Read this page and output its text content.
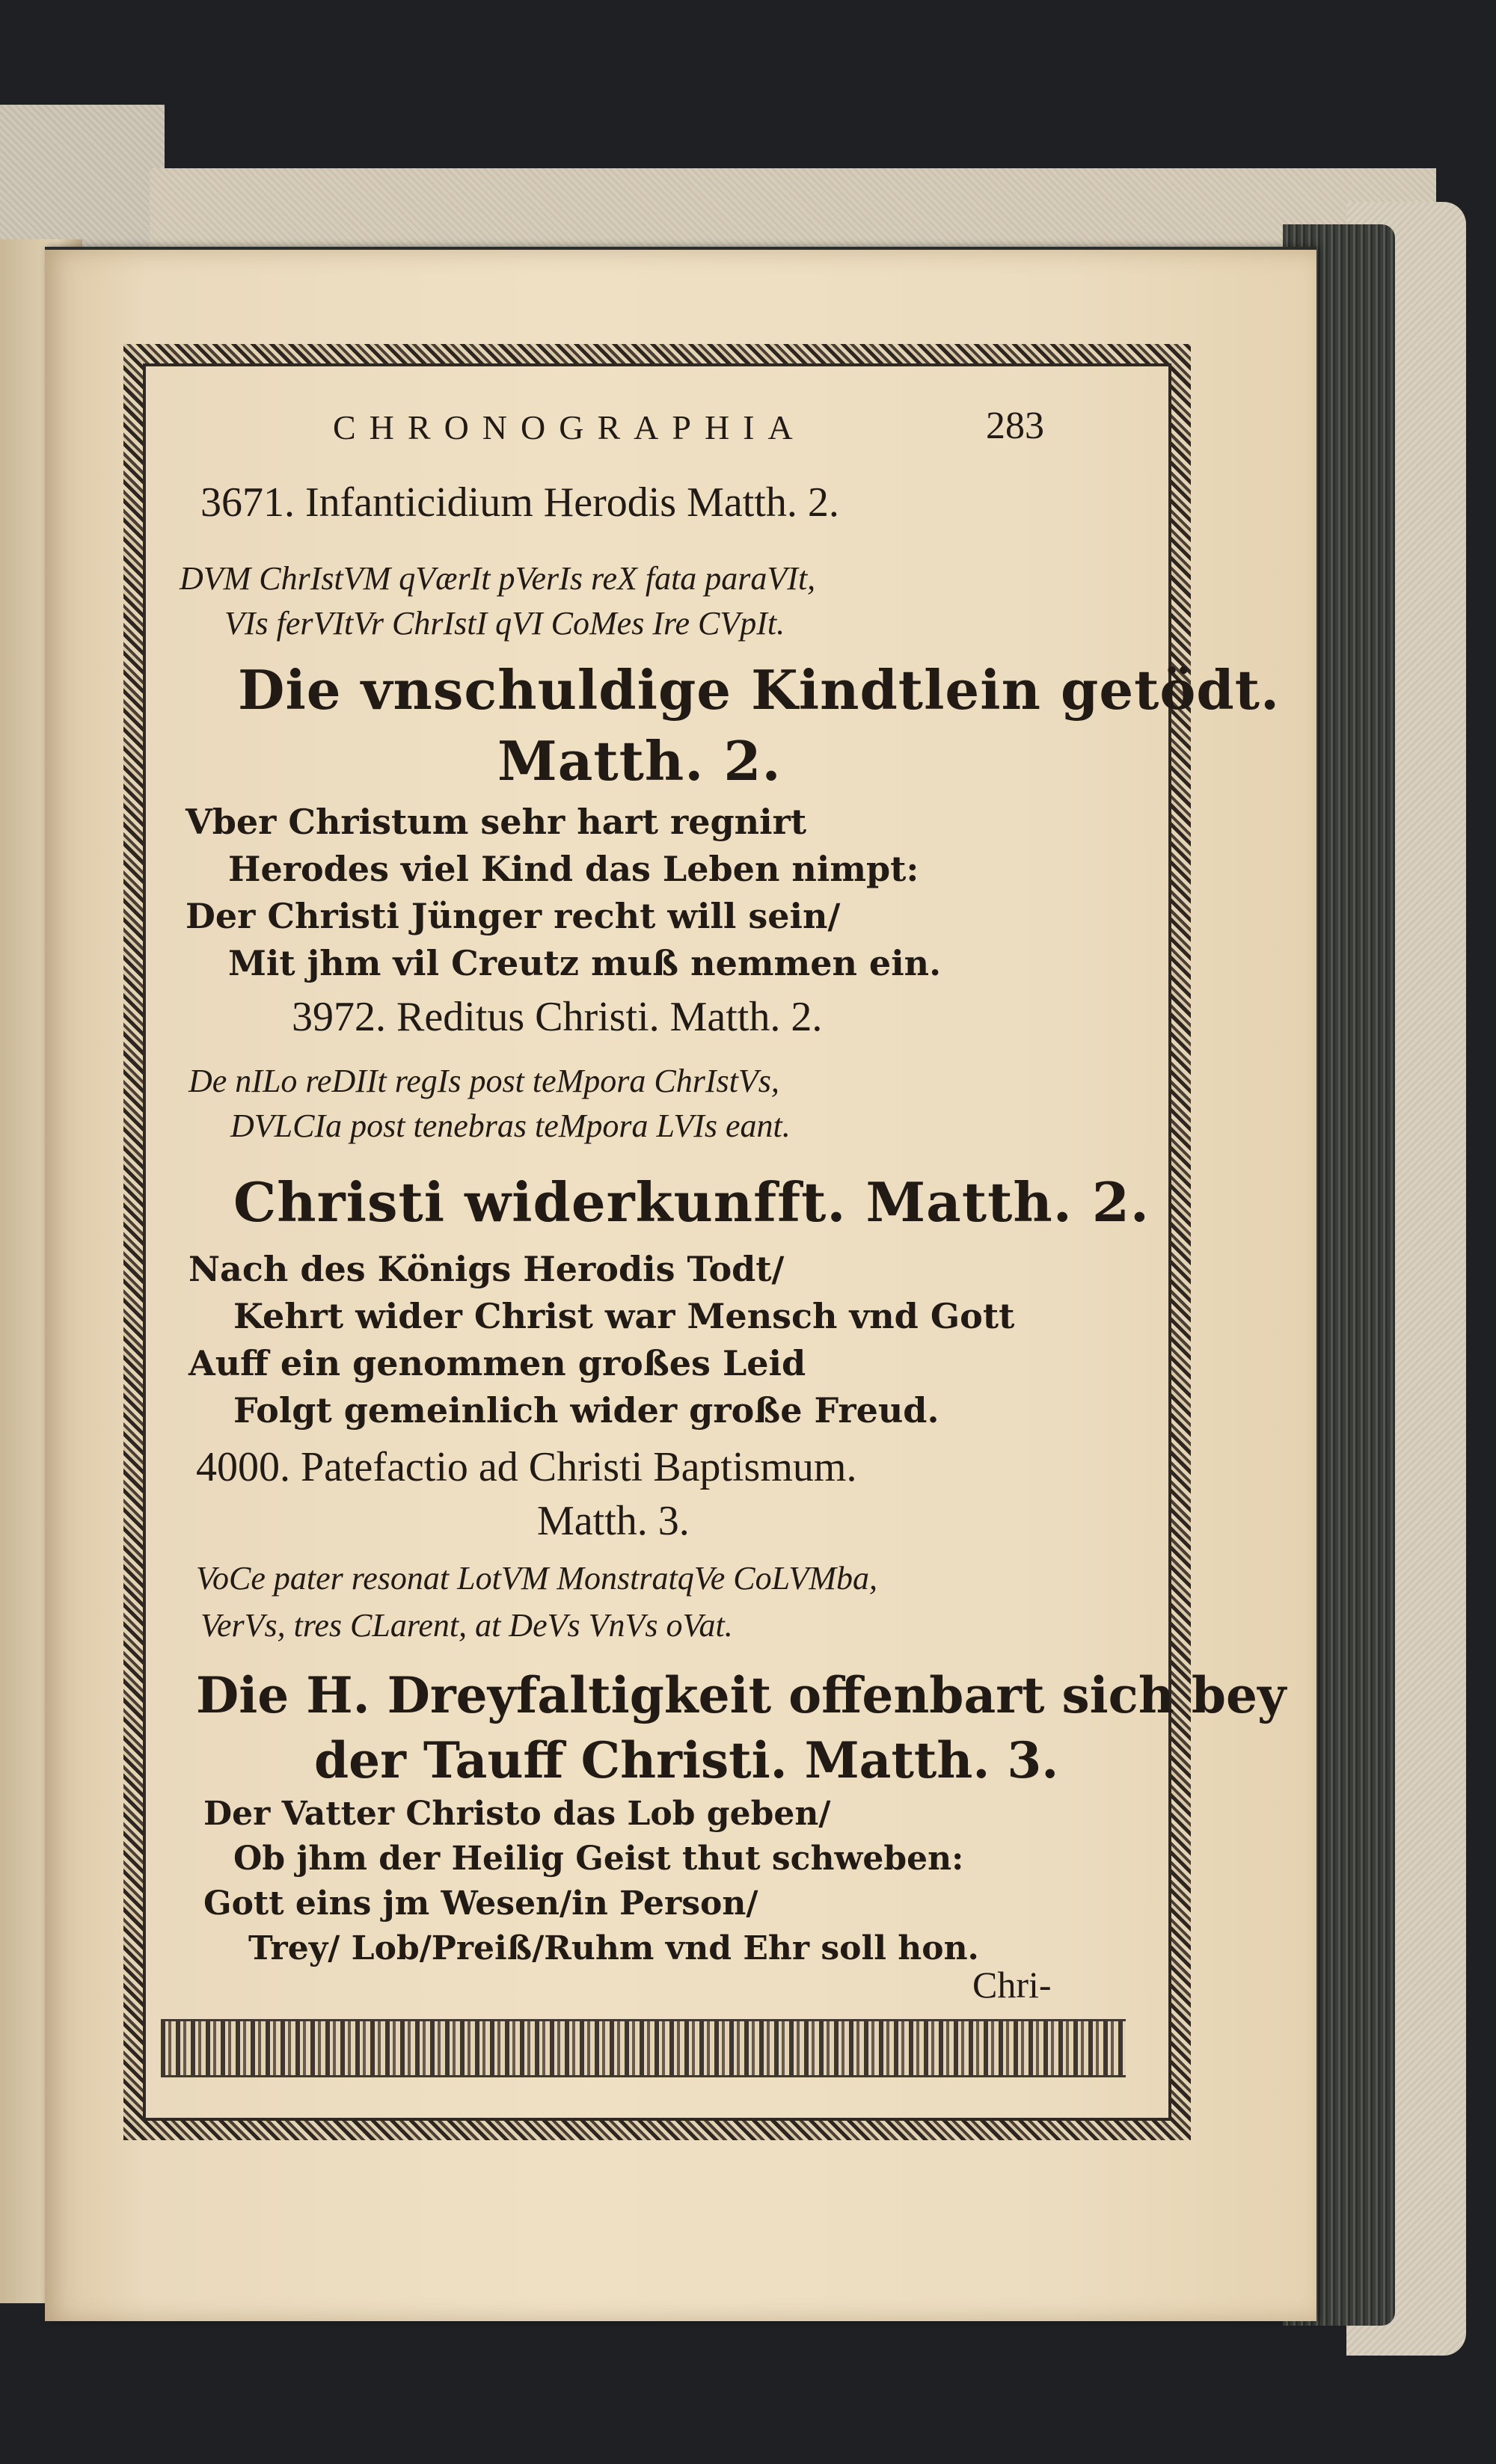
CHRONOGRAPHIA	283
3671. Infanticidium Herodis Matth. 2.
DVM ChrIstVM qVærIt pVerIs reX fata paraVIt,
VIs ferVItVr ChrIstI qVI CoMes Ire CVpIt.
Die vnschuldige Kindtlein getödt.
Matth. 2.
Vber Christum sehr hart regnirt
Herodes viel Kind das Leben nimpt:
Der Christi Jünger recht will sein/
Mit jhm vil Creutz muß nemmen ein.
3972. Reditus Christi. Matth. 2.
De nILo reDIIt regIs post teMpora ChrIstVs,
DVLCIa post tenebras teMpora LVIs eant.
Christi widerkunfft. Matth. 2.
Nach des Königs Herodis Todt/
Kehrt wider Christ war Mensch vnd Gott
Auff ein genommen großes Leid
Folgt gemeinlich wider große Freud.
4000. Patefactio ad Christi Baptismum.
Matth. 3.
VoCe pater resonat LotVM MonstratqVe CoLVMba,
VerVs, tres CLarent, at DeVs VnVs oVat.
Die H. Dreyfaltigkeit offenbart sich bey
der Tauff Christi. Matth. 3.
Der Vatter Christo das Lob geben/
Ob jhm der Heilig Geist thut schweben:
Gott eins jm Wesen/in Person/
Trey/ Lob/Preiß/Ruhm vnd Ehr soll hon.
Chri-
